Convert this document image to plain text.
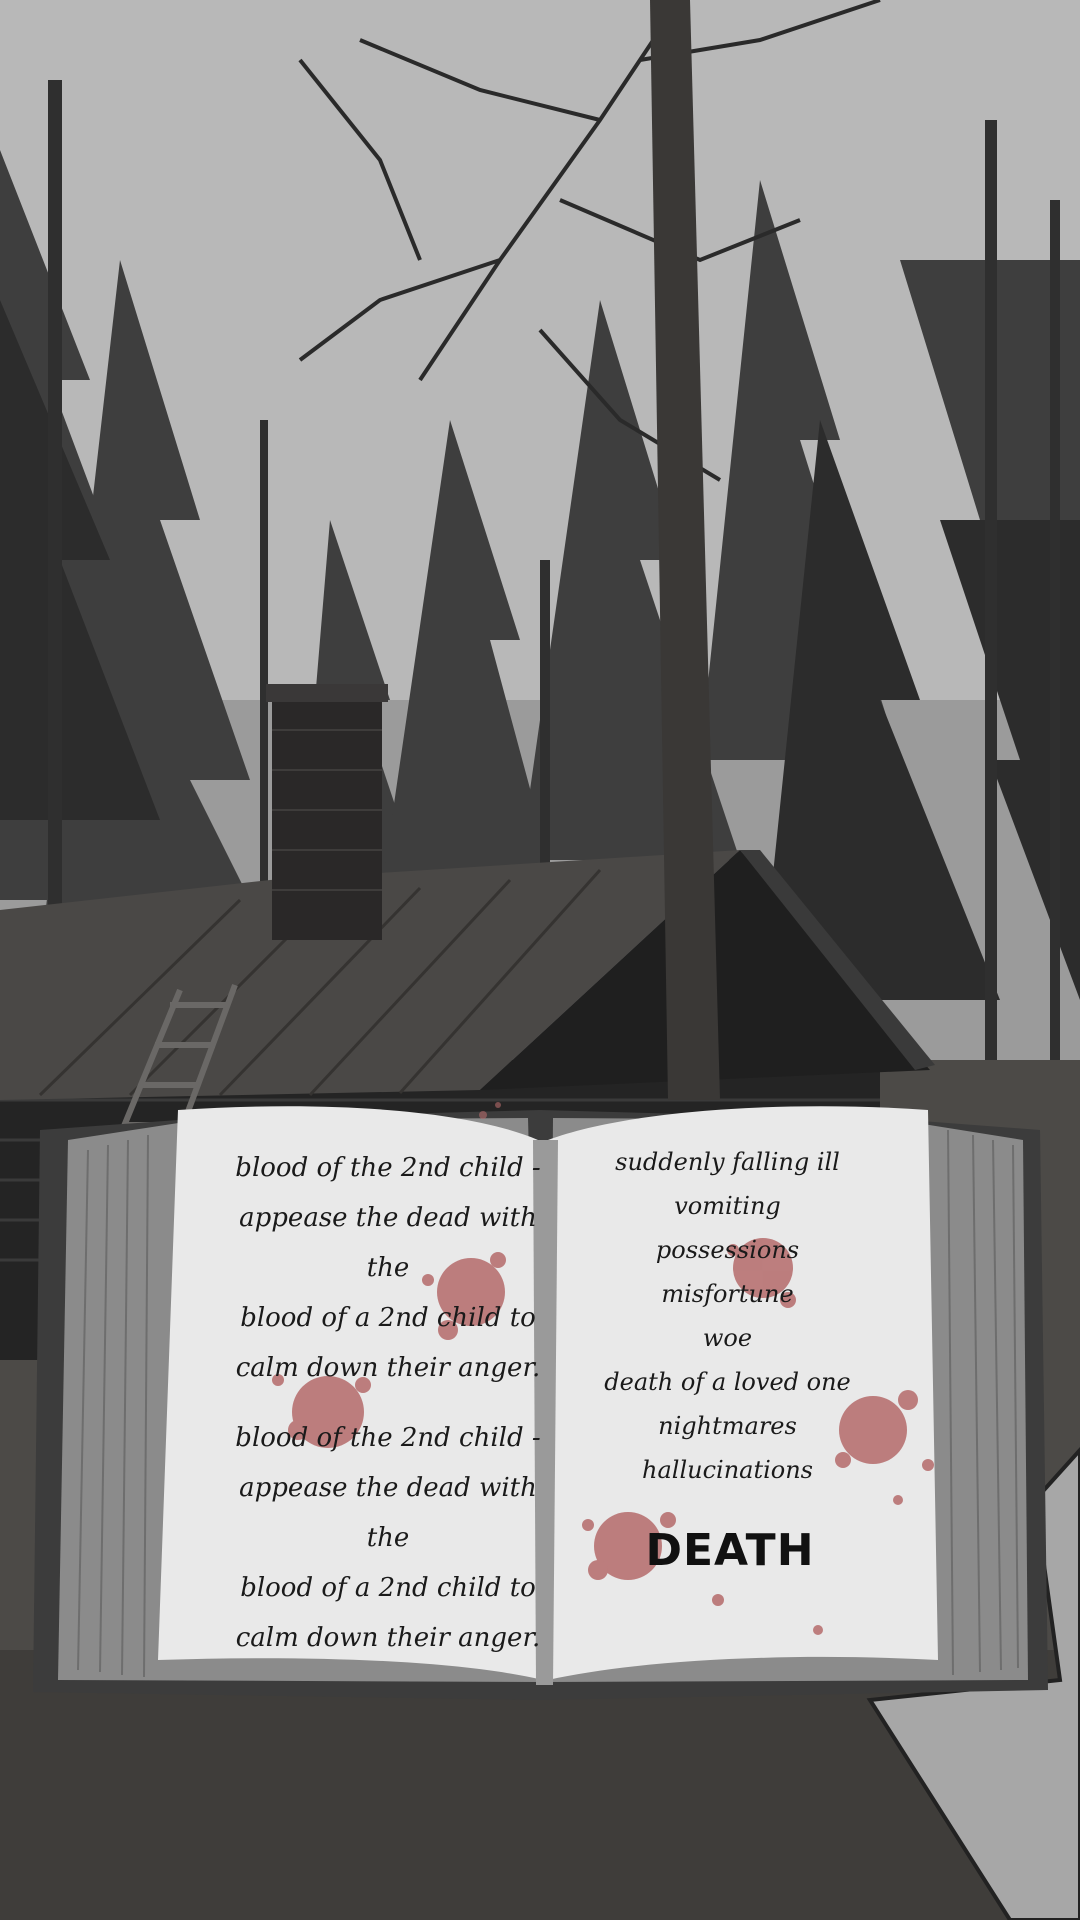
blood of the 2nd child -

appease the dead with the

blood of a 2nd child to

calm down their anger.

blood of the 2nd child -

appease the dead with the

blood of a 2nd child to

calm down their anger.

suddenly falling ill
vomiting
possessions
misfortune
woe
death of a loved one
nightmares
hallucinations
DEATH
